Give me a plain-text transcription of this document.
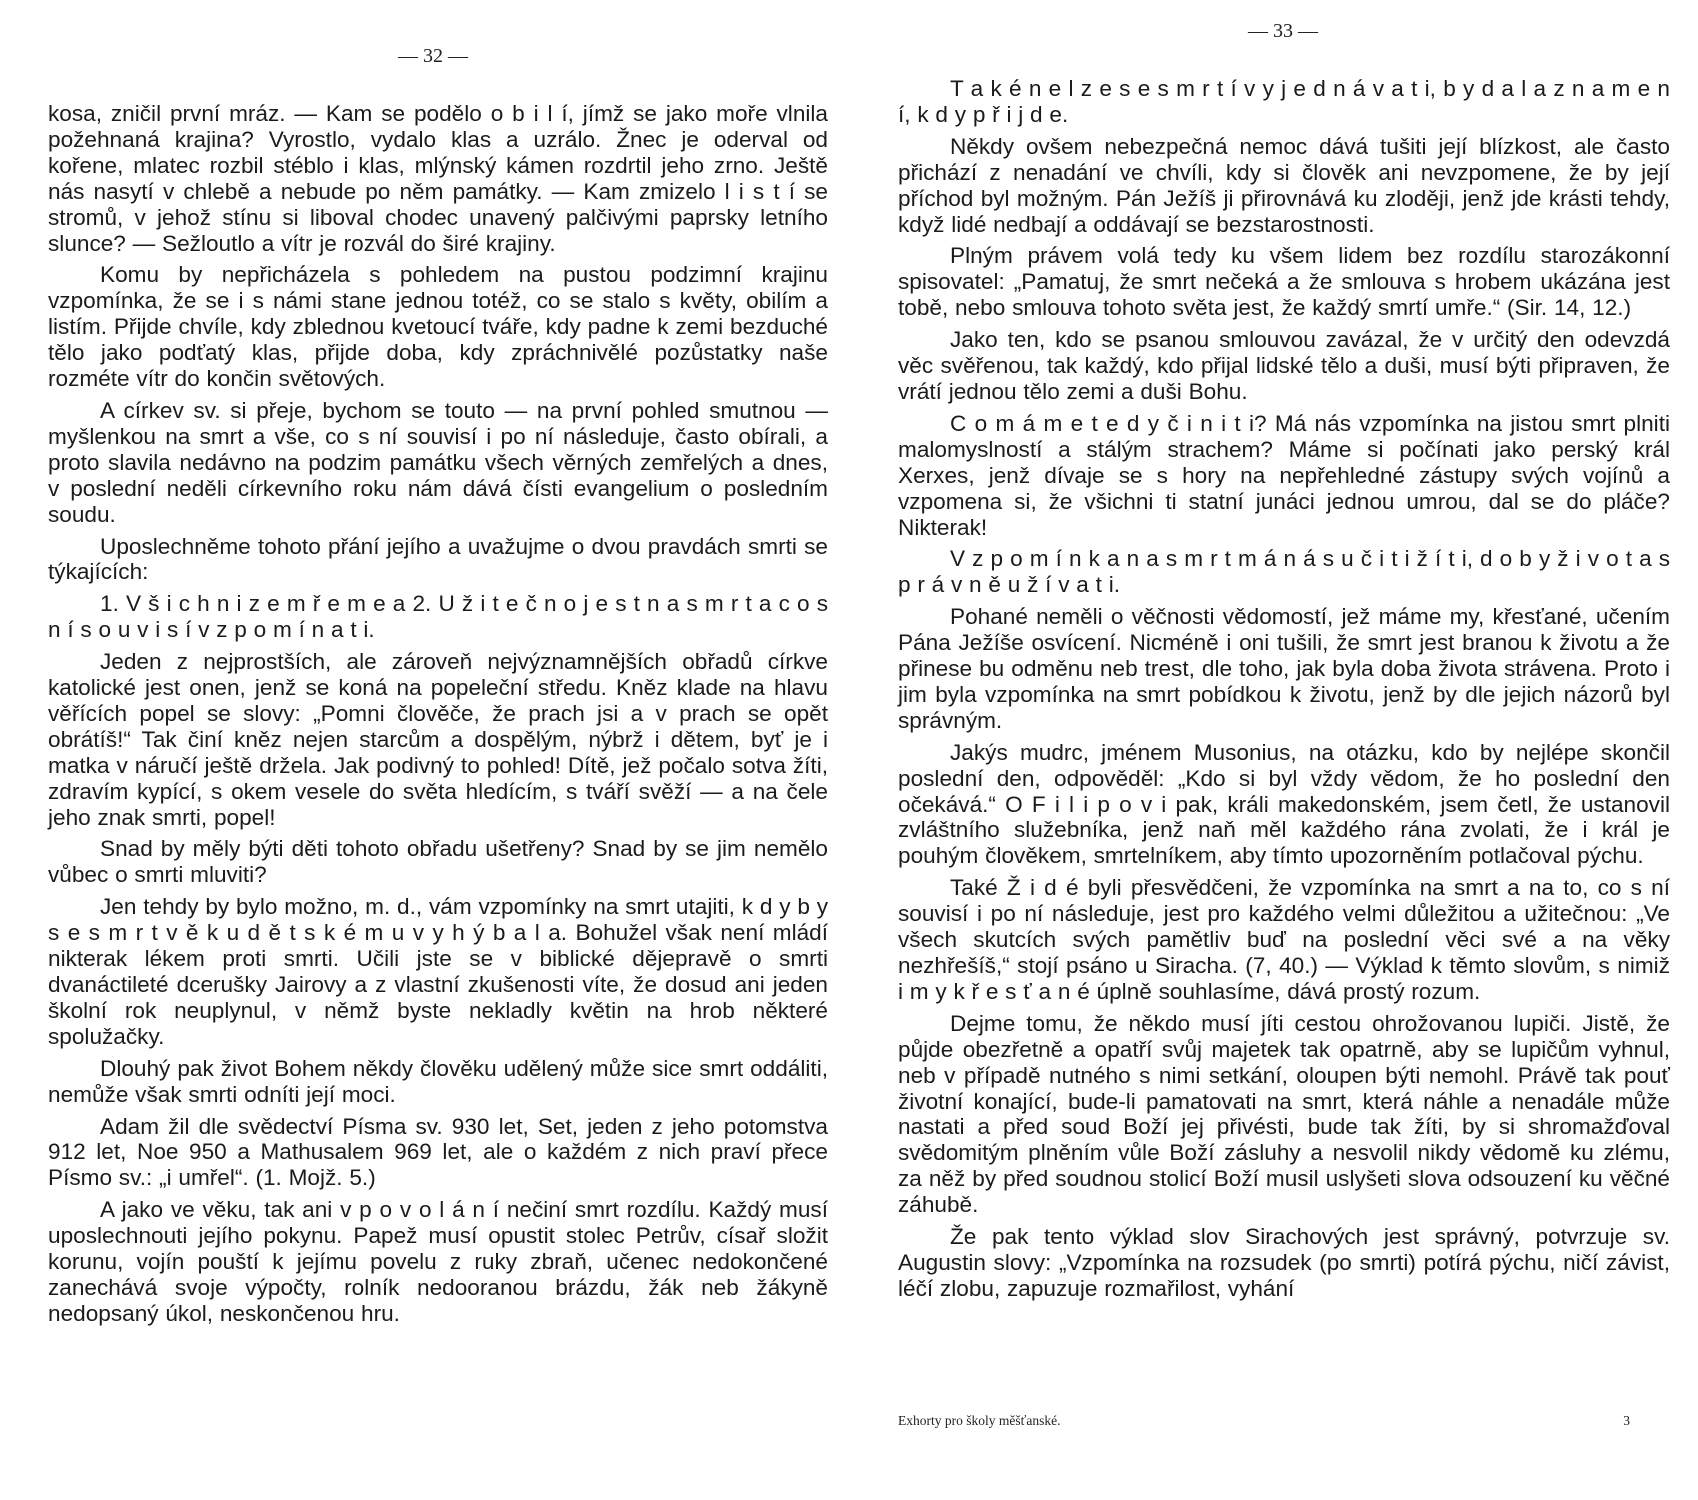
— 32 —

kosa, zničil první mráz. — Kam se podělo o b i l í, jímž se jako moře vlnila požehnaná krajina? Vyrostlo, vydalo klas a uzrálo. Žnec je oderval od kořene, mlatec rozbil stéblo i klas, mlýnský kámen rozdrtil jeho zrno. Ještě nás nasytí v chlebě a nebude po něm památky. — Kam zmizelo l i s t í se stromů, v jehož stínu si liboval chodec unavený palčivými paprsky letního slunce? — Sežloutlo a vítr je rozvál do širé krajiny.

Komu by nepřicházela s pohledem na pustou podzimní krajinu vzpomínka, že se i s námi stane jednou totéž, co se stalo s květy, obilím a listím. Přijde chvíle, kdy zblednou kvetoucí tváře, kdy padne k zemi bezduché tělo jako podťatý klas, přijde doba, kdy zpráchnivělé pozůstatky naše rozméte vítr do končin světových.

A církev sv. si přeje, bychom se touto — na první pohled smutnou — myšlenkou na smrt a vše, co s ní souvisí i po ní následuje, často obírali, a proto slavila nedávno na podzim památku všech věrných zemřelých a dnes, v poslední neděli církevního roku nám dává čísti evangelium o posledním soudu.

Uposlechněme tohoto přání jejího a uvažujme o dvou pravdách smrti se týkajících:

1. V š i c h n i z e m ř e m e a 2. U ž i t e č n o j e s t n a s m r t a c o s n í s o u v i s í v z p o m í n a t i.

Jeden z nejprostších, ale zároveň nejvýznamnějších obřadů církve katolické jest onen, jenž se koná na popeleční středu. Kněz klade na hlavu věřících popel se slovy: „Pomni člověče, že prach jsi a v prach se opět obrátíš!“ Tak činí kněz nejen starcům a dospělým, nýbrž i dětem, byť je i matka v náručí ještě držela. Jak podivný to pohled! Dítě, jež počalo sotva žíti, zdravím kypící, s okem vesele do světa hledícím, s tváří svěží — a na čele jeho znak smrti, popel!

Snad by měly býti děti tohoto obřadu ušetřeny? Snad by se jim nemělo vůbec o smrti mluviti?

Jen tehdy by bylo možno, m. d., vám vzpomínky na smrt utajiti, k d y b y s e s m r t v ě k u d ě t s k é m u v y h ý b a l a. Bohužel však není mládí nikterak lékem proti smrti. Učili jste se v biblické dějepravě o smrti dvanáctileté dcerušky Jairovy a z vlastní zkušenosti víte, že dosud ani jeden školní rok neuplynul, v němž byste nekladly květin na hrob některé spolužačky.

Dlouhý pak život Bohem někdy člověku udělený může sice smrt oddáliti, nemůže však smrti odníti její moci.

Adam žil dle svědectví Písma sv. 930 let, Set, jeden z jeho potomstva 912 let, Noe 950 a Mathusalem 969 let, ale o každém z nich praví přece Písmo sv.: „i umřel“. (1. Mojž. 5.)

A jako ve věku, tak ani v p o v o l á n í nečiní smrt rozdílu. Každý musí uposlechnouti jejího pokynu. Papež musí opustit stolec Petrův, císař složit korunu, vojín pouští k jejímu povelu z ruky zbraň, učenec nedokončené zanechává svoje výpočty, rolník nedooranou brázdu, žák neb žákyně nedopsaný úkol, neskončenou hru.

— 33 —

T a k é n e l z e s e s m r t í v y j e d n á v a t i, b y d a l a z n a m e n í, k d y p ř i j d e.

Někdy ovšem nebezpečná nemoc dává tušiti její blízkost, ale často přichází z nenadání ve chvíli, kdy si člověk ani nevzpomene, že by její příchod byl možným. Pán Ježíš ji přirovnává ku zloději, jenž jde krásti tehdy, když lidé nedbají a oddávají se bezstarostnosti.

Plným právem volá tedy ku všem lidem bez rozdílu starozákonní spisovatel: „Pamatuj, že smrt nečeká a že smlouva s hrobem ukázána jest tobě, nebo smlouva tohoto světa jest, že každý smrtí umře.“ (Sir. 14, 12.)

Jako ten, kdo se psanou smlouvou zavázal, že v určitý den odevzdá věc svěřenou, tak každý, kdo přijal lidské tělo a duši, musí býti připraven, že vrátí jednou tělo zemi a duši Bohu.

C o m á m e t e d y č i n i t i? Má nás vzpomínka na jistou smrt plniti malomyslností a stálým strachem? Máme si počínati jako perský král Xerxes, jenž dívaje se s hory na nepřehledné zástupy svých vojínů a vzpomena si, že všichni ti statní junáci jednou umrou, dal se do pláče? Nikterak!

V z p o m í n k a n a s m r t m á n á s u č i t i ž í t i, d o b y ž i v o t a s p r á v n ě u ž í v a t i.

Pohané neměli o věčnosti vědomostí, jež máme my, křesťané, učením Pána Ježíše osvícení. Nicméně i oni tušili, že smrt jest branou k životu a že přinese bu odměnu neb trest, dle toho, jak byla doba života strávena. Proto i jim byla vzpomínka na smrt pobídkou k životu, jenž by dle jejich názorů byl správným.

Jakýs mudrc, jménem Musonius, na otázku, kdo by nejlépe skončil poslední den, odpověděl: „Kdo si byl vždy vědom, že ho poslední den očekává.“ O F i l i p o v i pak, králi makedonském, jsem četl, že ustanovil zvláštního služebníka, jenž naň měl každého rána zvolati, že i král je pouhým člověkem, smrtelníkem, aby tímto upozorněním potlačoval pýchu.

Také Ž i d é byli přesvědčeni, že vzpomínka na smrt a na to, co s ní souvisí i po ní následuje, jest pro každého velmi důležitou a užitečnou: „Ve všech skutcích svých pamětliv buď na poslední věci své a na věky nezhřešíš,“ stojí psáno u Siracha. (7, 40.) — Výklad k těmto slovům, s nimiž i m y k ř e s ť a n é úplně souhlasíme, dává prostý rozum.

Dejme tomu, že někdo musí jíti cestou ohrožovanou lupiči. Jistě, že půjde obezřetně a opatří svůj majetek tak opatrně, aby se lupičům vyhnul, neb v případě nutného s nimi setkání, oloupen býti nemohl. Právě tak pouť životní konající, bude-li pamatovati na smrt, která náhle a nenadále může nastati a před soud Boží jej přivésti, bude tak žíti, by si shromažďoval svědomitým plněním vůle Boží zásluhy a nesvolil nikdy vědomě ku zlému, za něž by před soudnou stolicí Boží musil uslyšeti slova odsouzení ku věčné záhubě.

Že pak tento výklad slov Sirachových jest správný, potvrzuje sv. Augustin slovy: „Vzpomínka na rozsudek (po smrti) potírá pýchu, ničí závist, léčí zlobu, zapuzuje rozmařilost, vyhání

Exhorty pro školy měšťanské.	3
